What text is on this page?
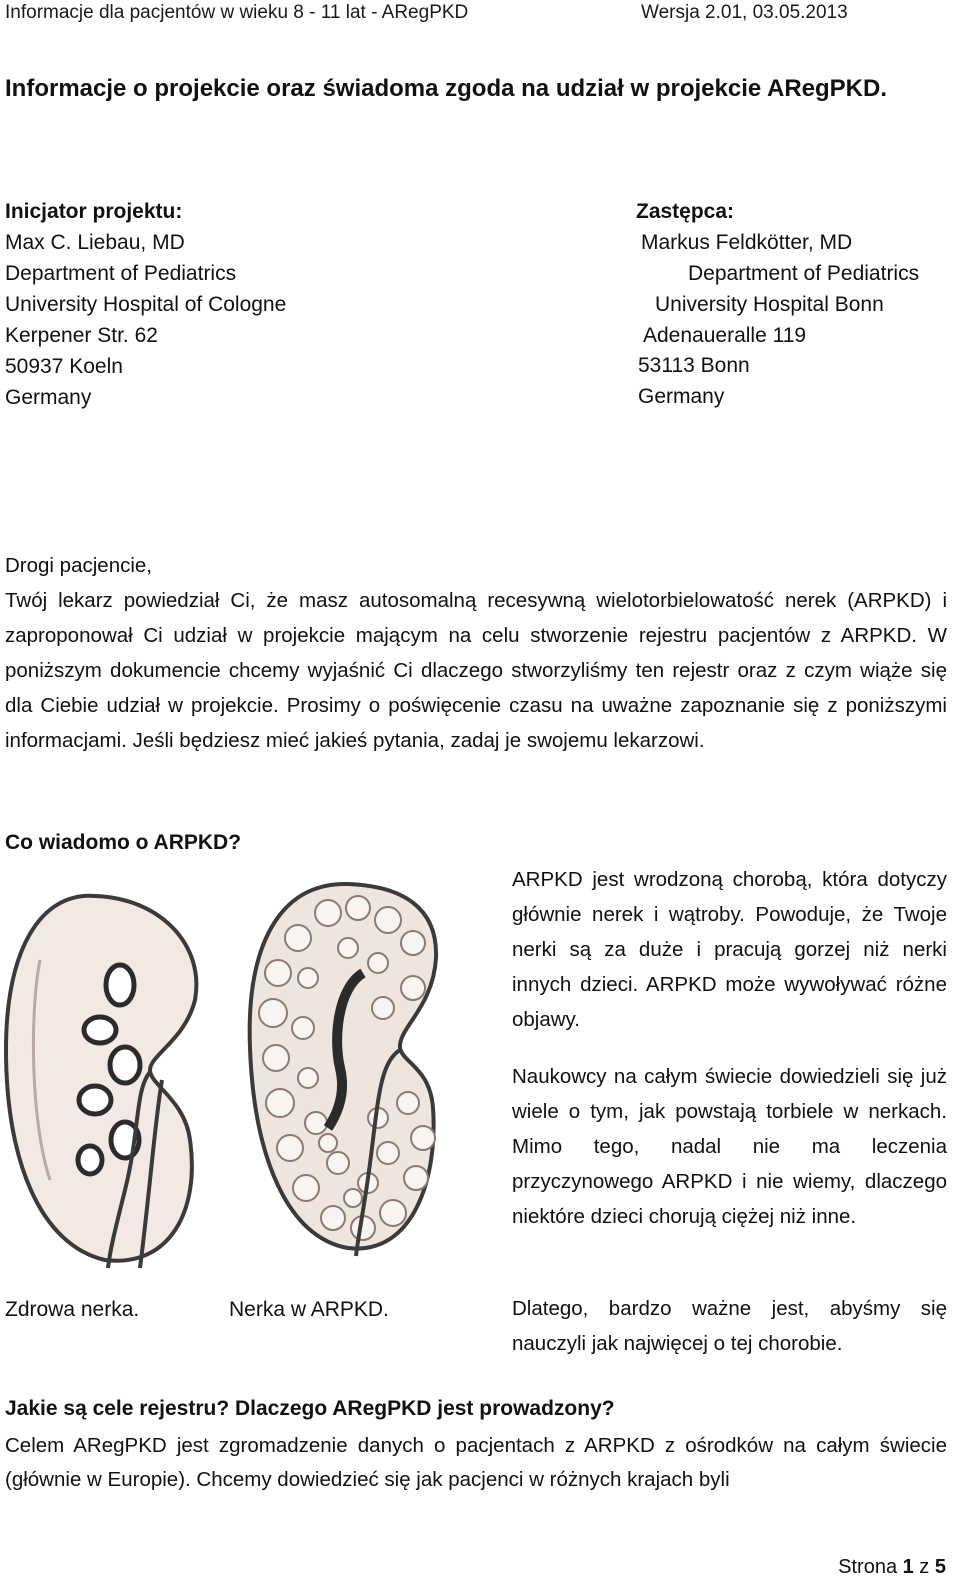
Informacje dla pacjentów w wieku 8 - 11 lat - ARegPKD	Wersja 2.01, 03.05.2013
Informacje o projekcie oraz świadoma zgoda na udział w projekcie ARegPKD.
Inicjator projektu:
Max C. Liebau, MD
Department of Pediatrics
University Hospital of Cologne
Kerpener Str. 62
50937 Koeln
Germany
Zastępca:
Markus Feldkötter, MD
Department of Pediatrics
University Hospital Bonn
Adenaueralle 119
53113 Bonn
Germany
Drogi pacjencie,
Twój lekarz powiedział Ci, że masz autosomalną recesywną wielotorbielowatość nerek (ARPKD) i zaproponował Ci udział w projekcie mającym na celu stworzenie rejestru pacjentów z ARPKD. W poniższym dokumencie chcemy wyjaśnić Ci dlaczego stworzyliśmy ten rejestr oraz z czym wiąże się dla Ciebie udział w projekcie. Prosimy o poświęcenie czasu na uważne zapoznanie się z poniższymi informacjami. Jeśli będziesz mieć jakieś pytania, zadaj je swojemu lekarzowi.
Co wiadomo o ARPKD?
ARPKD jest wrodzoną chorobą, która dotyczy głównie nerek i wątroby. Powoduje, że Twoje nerki są za duże i pracują gorzej niż nerki innych dzieci. ARPKD może wywoływać różne objawy.
Naukowcy na całym świecie dowiedzieli się już wiele o tym, jak powstają torbiele w nerkach. Mimo tego, nadal nie ma leczenia przyczynowego ARPKD i nie wiemy, dlaczego niektóre dzieci chorują ciężej niż inne.
Dlatego, bardzo ważne jest, abyśmy się nauczyli jak najwięcej o tej chorobie.
Zdrowa nerka.	Nerka w ARPKD.
Jakie są cele rejestru? Dlaczego ARegPKD jest prowadzony?
Celem ARegPKD jest zgromadzenie danych o pacjentach z ARPKD z ośrodków na całym świecie (głównie w Europie). Chcemy dowiedzieć się jak pacjenci w różnych krajach byli
Strona 1 z 5
